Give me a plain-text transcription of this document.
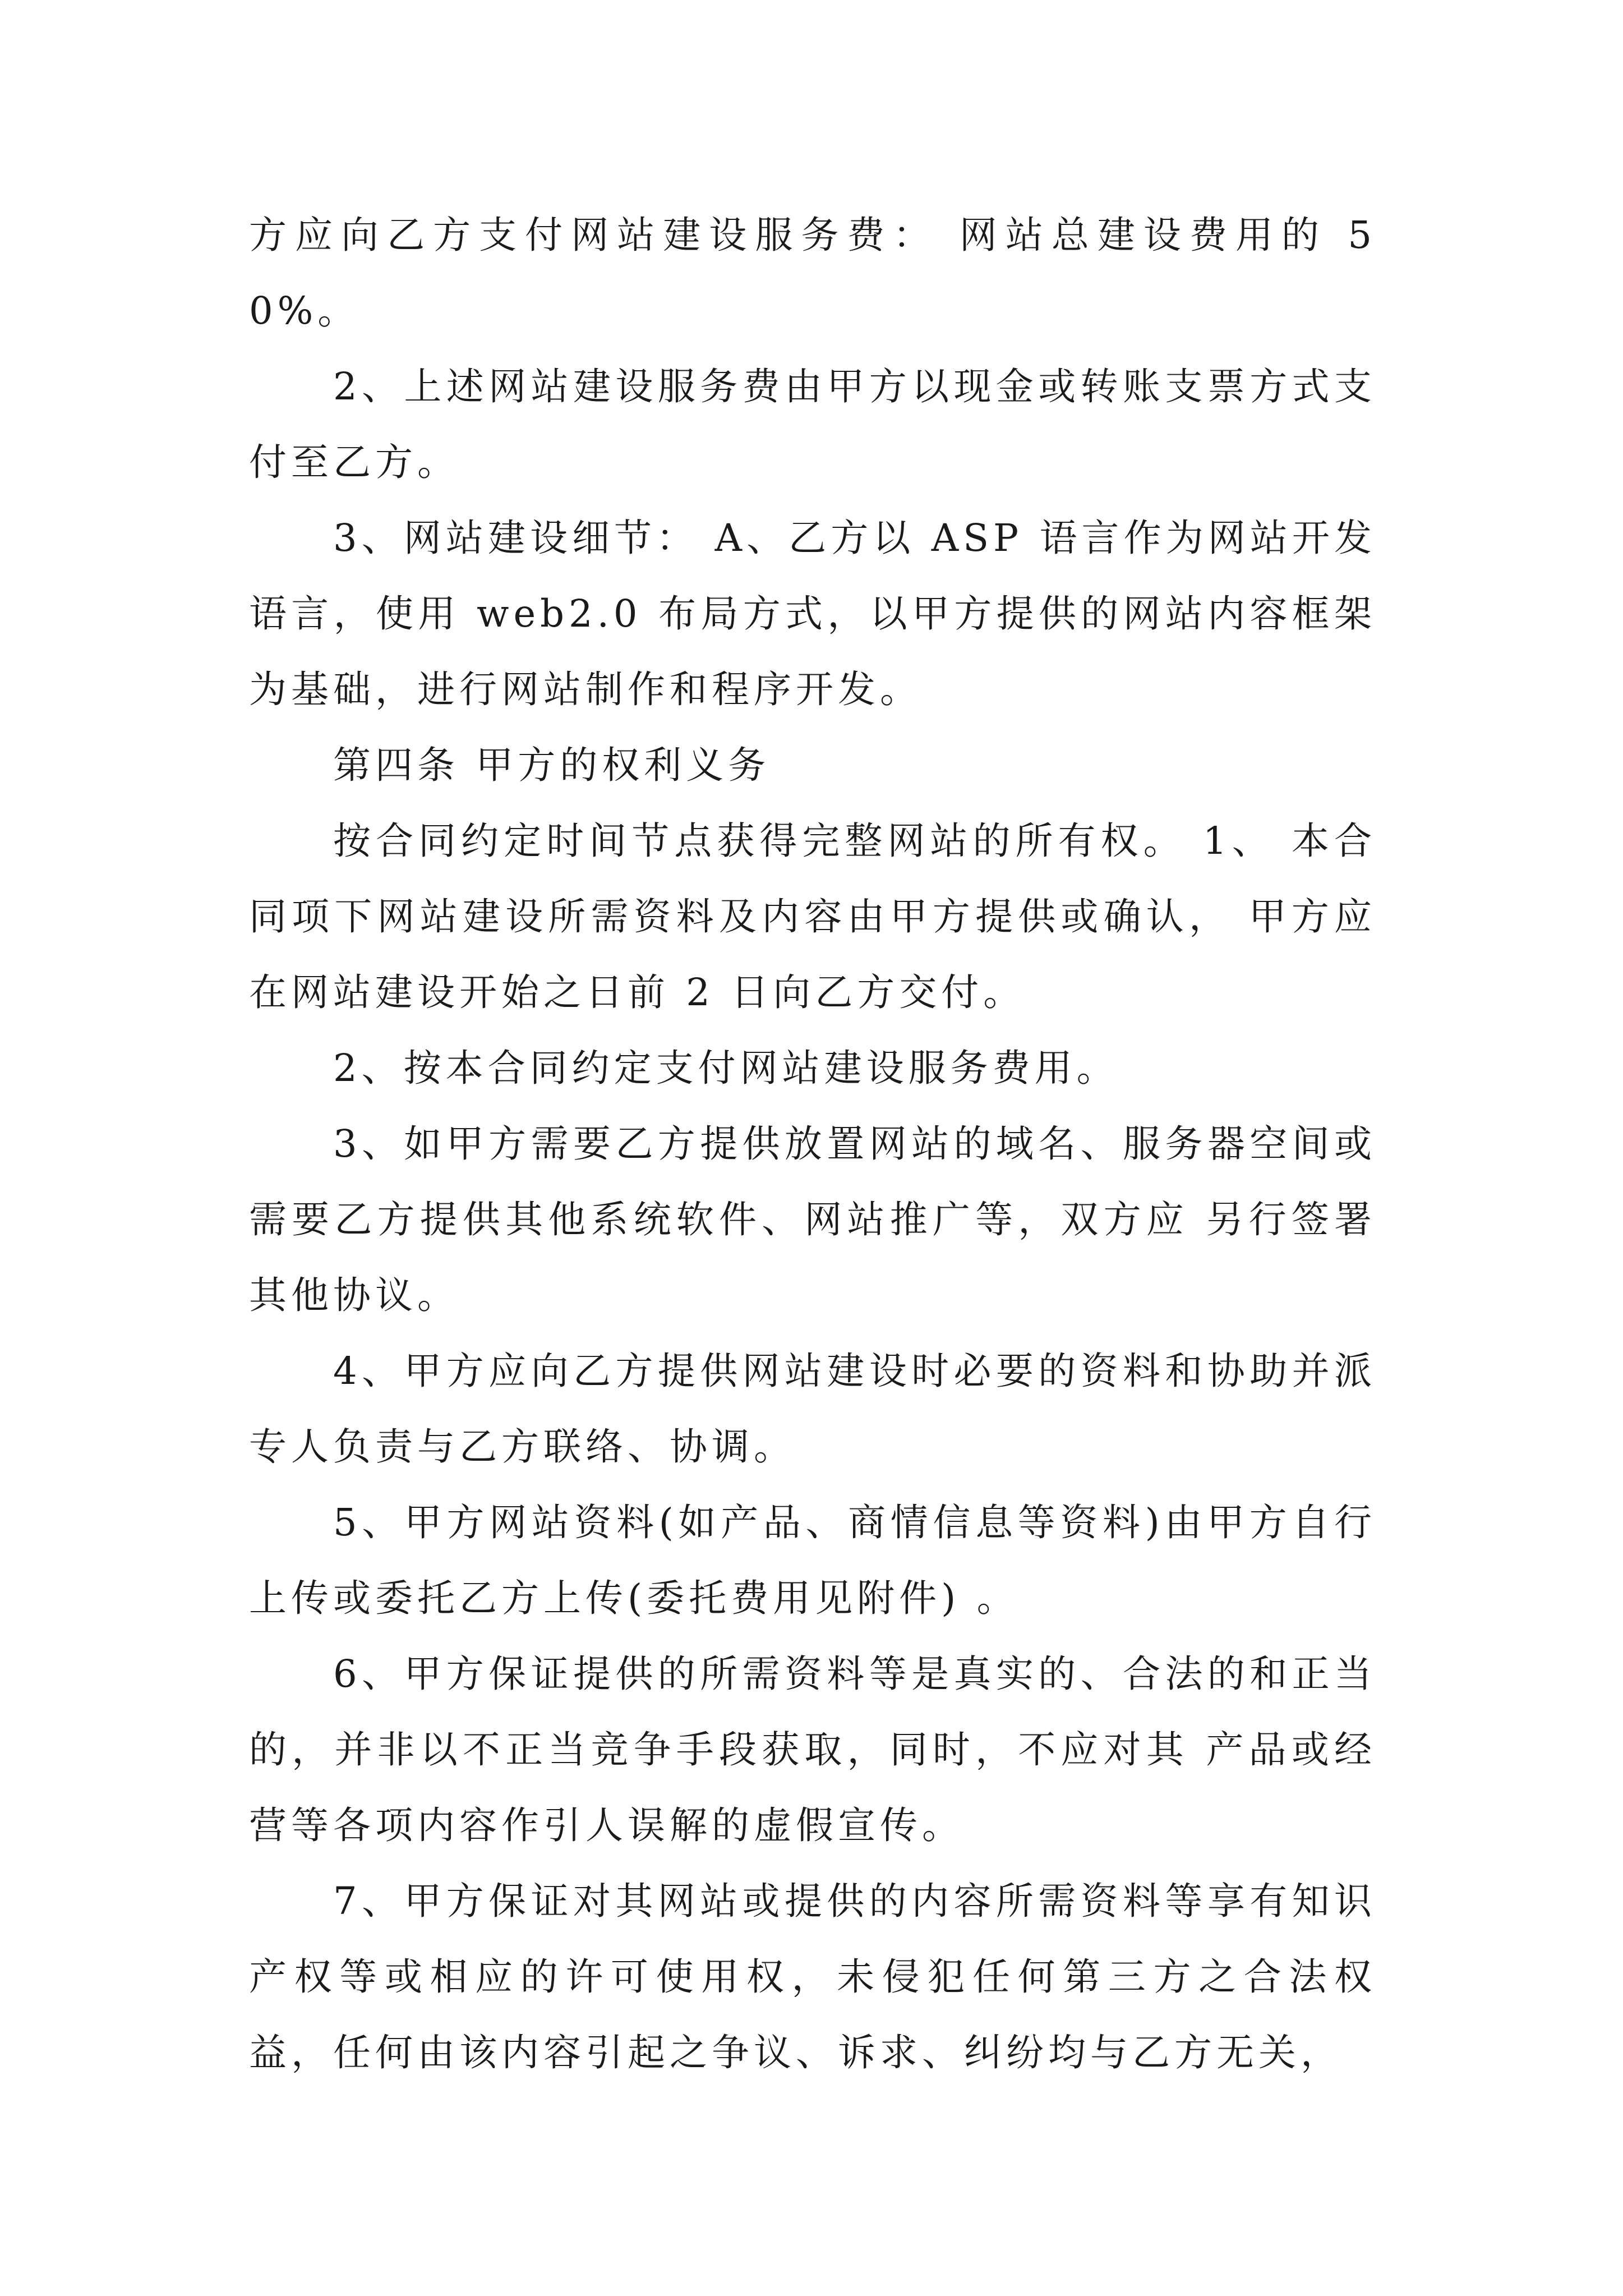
方应向乙方支付网站建设服务费： 网站总建设费用的 50%。

2、上述网站建设服务费由甲方以现金或转账支票方式支付至乙方。

3、网站建设细节： A、乙方以 ASP 语言作为网站开发语言，使用 web2.0 布局方式，以甲方提供的网站内容框架为基础，进行网站制作和程序开发。

第四条 甲方的权利义务

按合同约定时间节点获得完整网站的所有权。 1、 本合同项下网站建设所需资料及内容由甲方提供或确认， 甲方应在网站建设开始之日前 2 日向乙方交付。

2、按本合同约定支付网站建设服务费用。

3、如甲方需要乙方提供放置网站的域名、服务器空间或需要乙方提供其他系统软件、网站推广等，双方应 另行签署其他协议。

4、甲方应向乙方提供网站建设时必要的资料和协助并派专人负责与乙方联络、协调。

5、甲方网站资料(如产品、商情信息等资料)由甲方自行上传或委托乙方上传(委托费用见附件) 。

6、甲方保证提供的所需资料等是真实的、合法的和正当的，并非以不正当竞争手段获取，同时，不应对其 产品或经营等各项内容作引人误解的虚假宣传。

7、甲方保证对其网站或提供的内容所需资料等享有知识产权等或相应的许可使用权，未侵犯任何第三方之合法权益，任何由该内容引起之争议、诉求、纠纷均与乙方无关，
